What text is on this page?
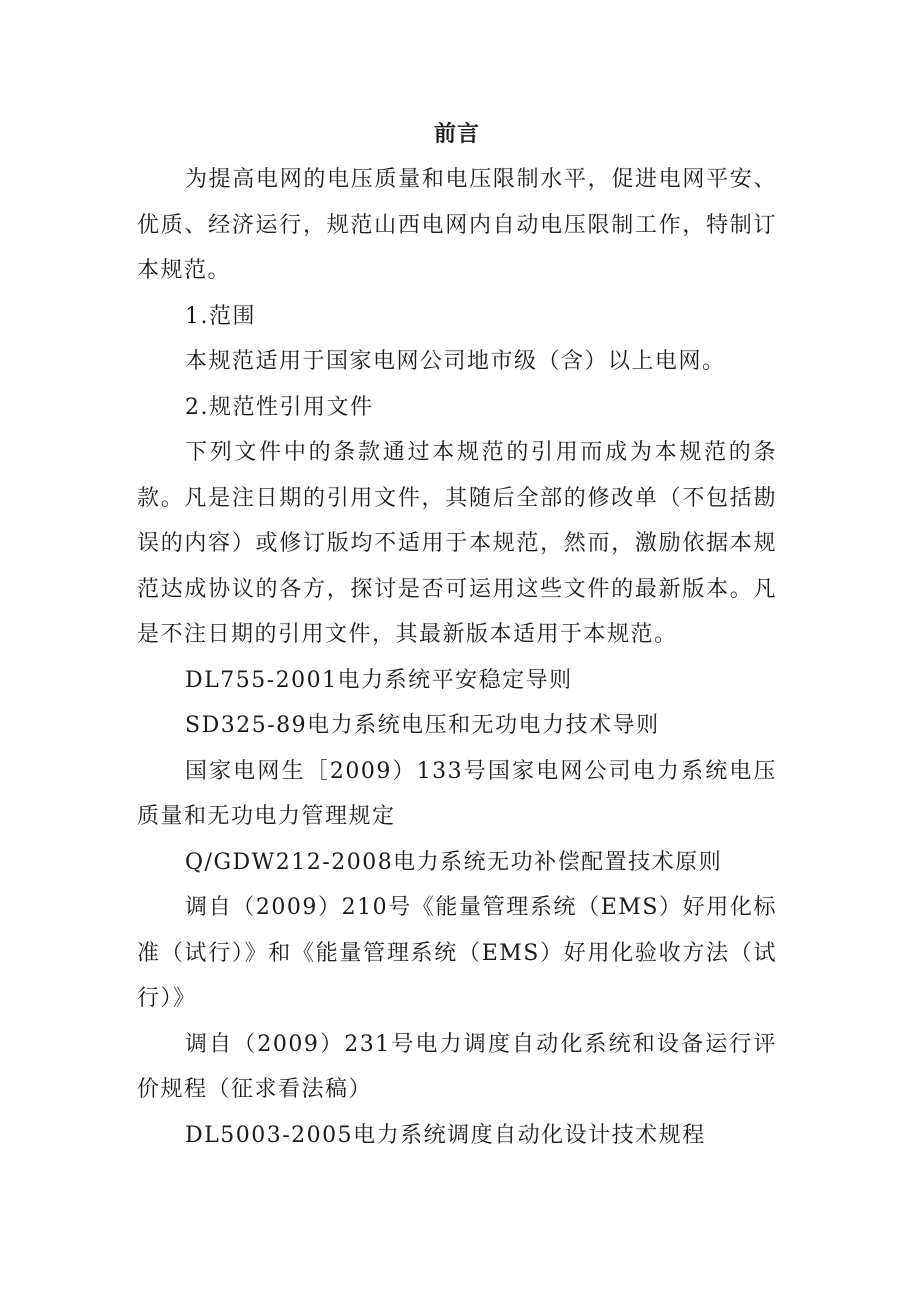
前言

为提高电网的电压质量和电压限制水平，促进电网平安、优质、经济运行，规范山西电网内自动电压限制工作，特制订本规范。

1.范围

本规范适用于国家电网公司地市级（含）以上电网。

2.规范性引用文件

下列文件中的条款通过本规范的引用而成为本规范的条款。凡是注日期的引用文件，其随后全部的修改单（不包括勘误的内容）或修订版均不适用于本规范，然而，激励依据本规范达成协议的各方，探讨是否可运用这些文件的最新版本。凡是不注日期的引用文件，其最新版本适用于本规范。

DL755-2001电力系统平安稳定导则

SD325-89电力系统电压和无功电力技术导则

国家电网生［2009）133号国家电网公司电力系统电压质量和无功电力管理规定

Q/GDW212-2008电力系统无功补偿配置技术原则

调自（2009）210号《能量管理系统（EMS）好用化标准（试行）》和《能量管理系统（EMS）好用化验收方法（试行）》

调自（2009）231号电力调度自动化系统和设备运行评价规程（征求看法稿）

DL5003-2005电力系统调度自动化设计技术规程
